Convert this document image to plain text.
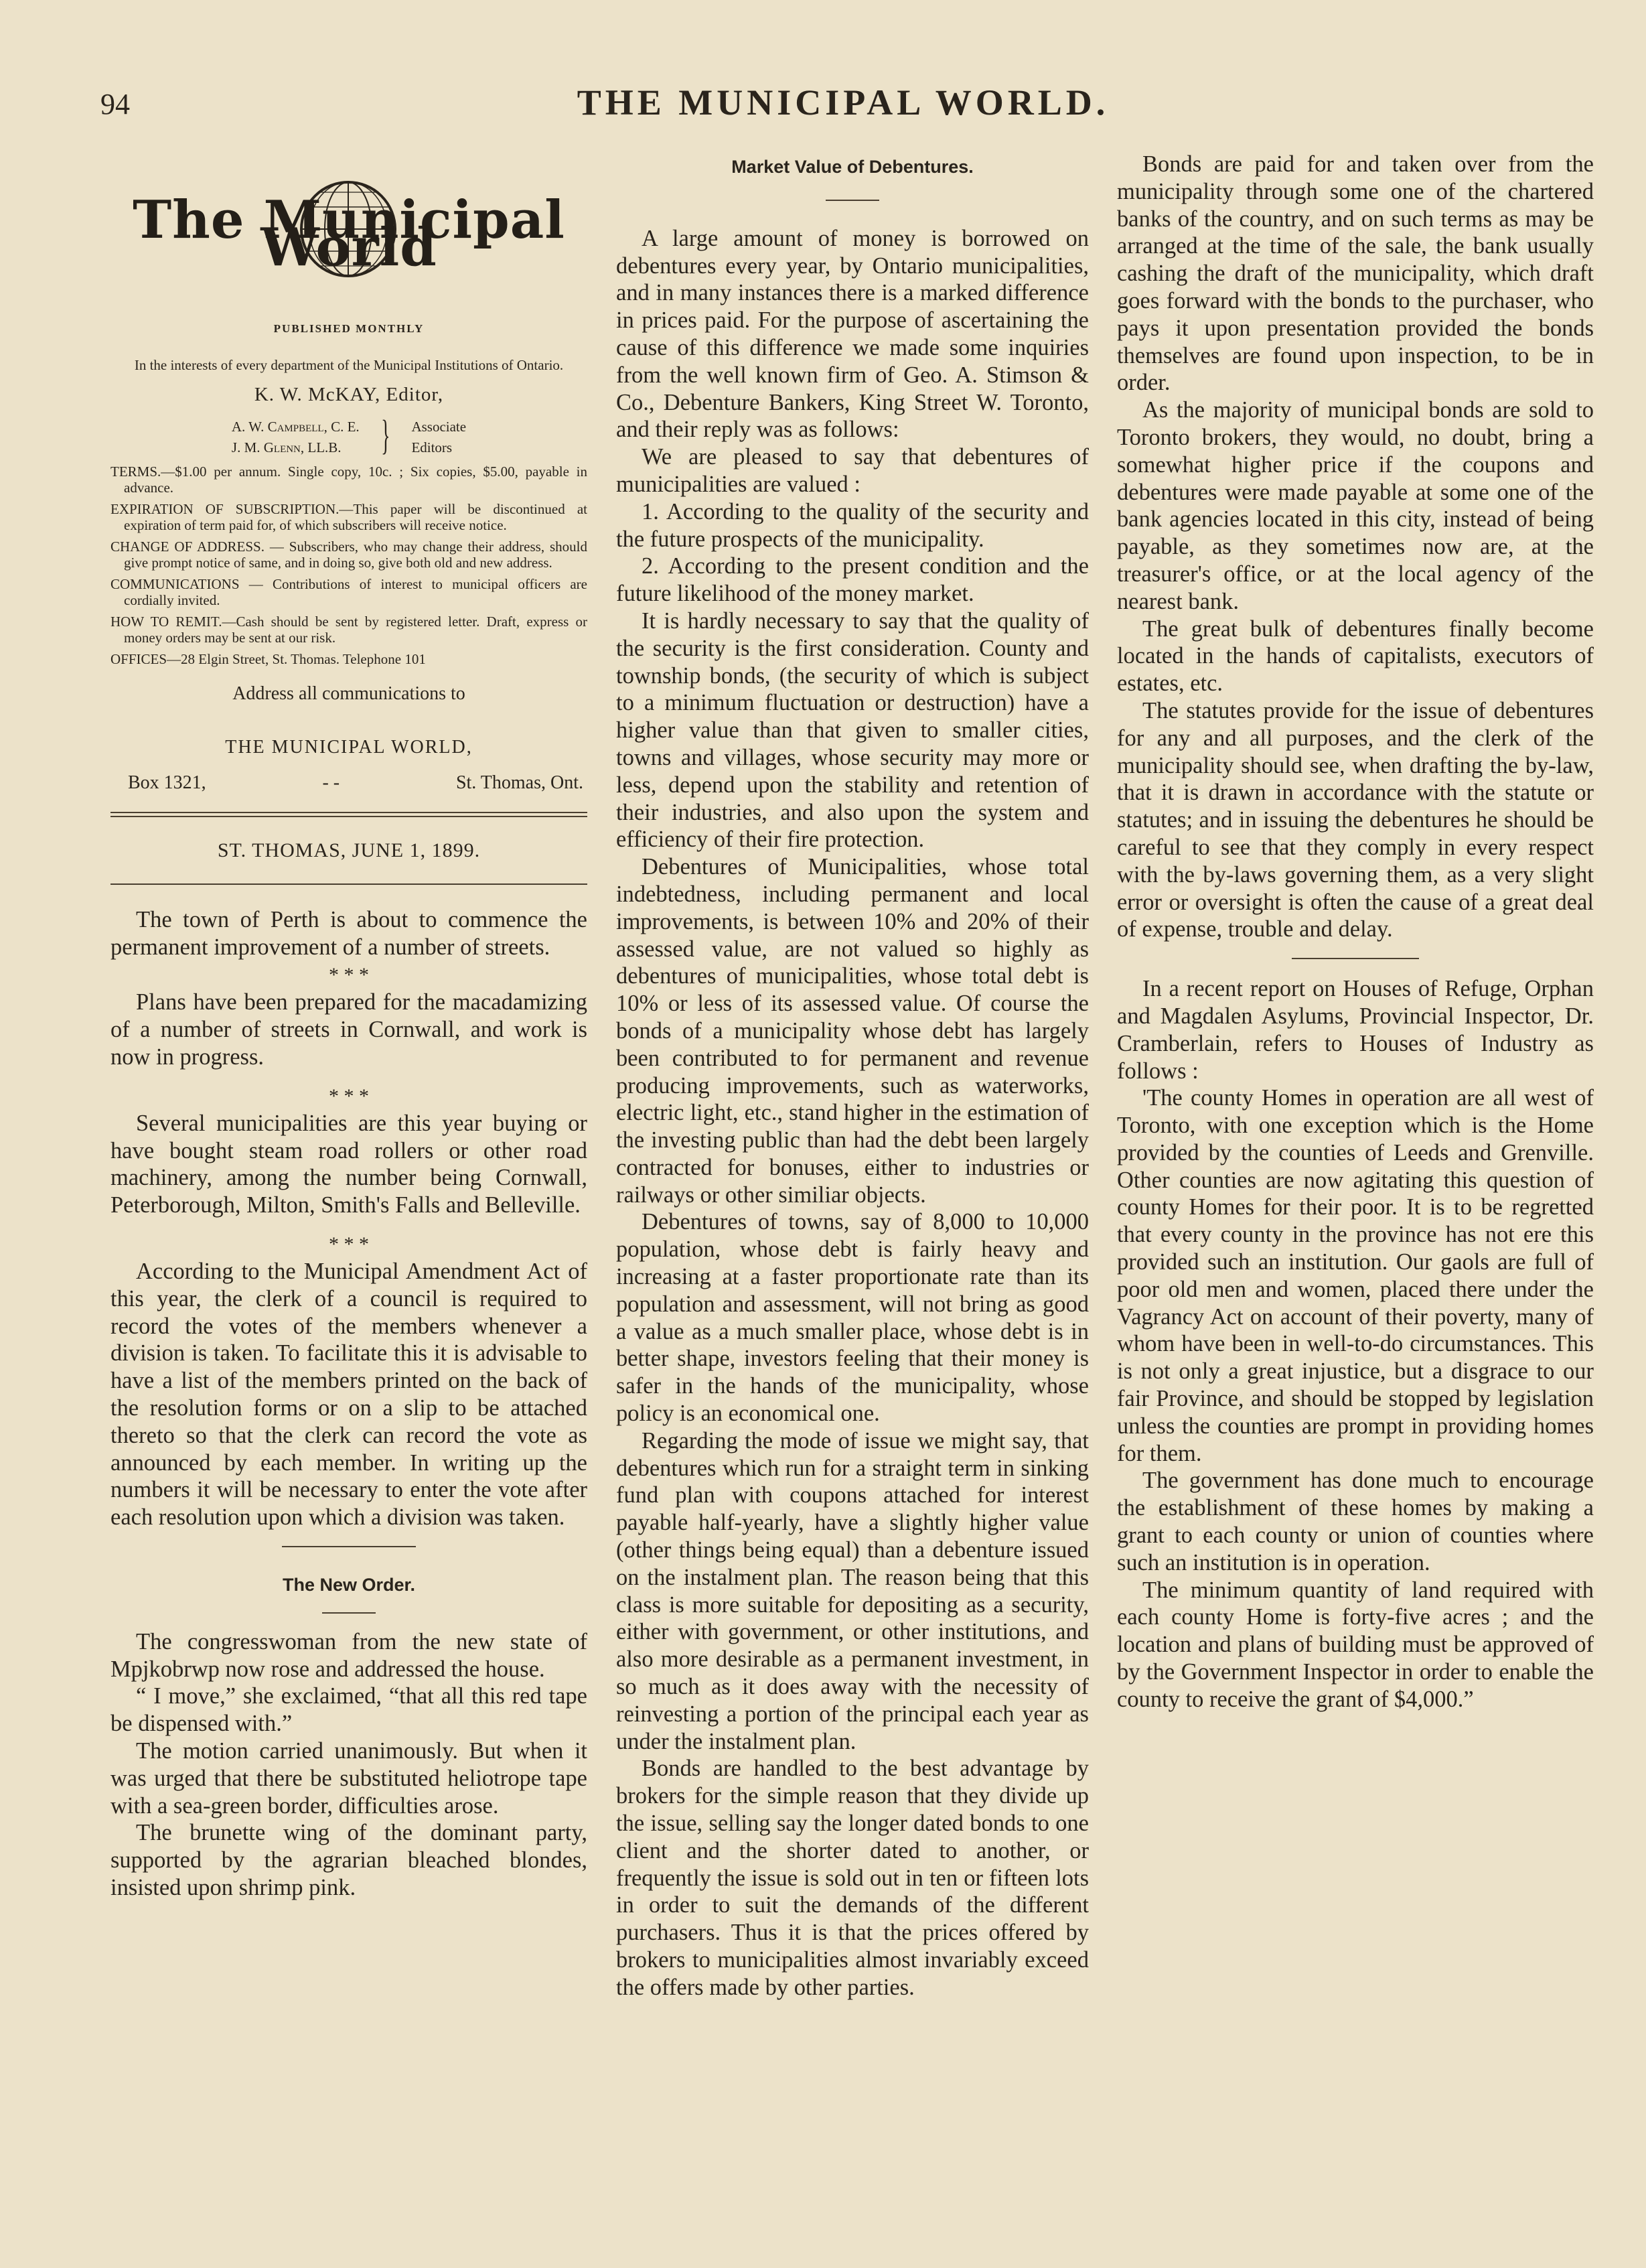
94	THE MUNICIPAL WORLD.
The Municipal World
PUBLISHED MONTHLY
In the interests of every department of the Municipal Institutions of Ontario.
K. W. McKAY, Editor,
A. W. Campbell, C. E.
J. M. Glenn, LL.B. } Associate
Editors
TERMS.—$1.00 per annum. Single copy, 10c. ; Six copies, $5.00, payable in advance.
EXPIRATION OF SUBSCRIPTION.—This paper will be discontinued at expiration of term paid for, of which subscribers will receive notice.
CHANGE OF ADDRESS. — Subscribers, who may change their address, should give prompt notice of same, and in doing so, give both old and new address.
COMMUNICATIONS — Contributions of interest to municipal officers are cordially invited.
HOW TO REMIT.—Cash should be sent by registered letter. Draft, express or money orders may be sent at our risk.
OFFICES—28 Elgin Street, St. Thomas. Telephone 101
Address all communications to
THE MUNICIPAL WORLD,
Box 1321,	- -	St. Thomas, Ont.
ST. THOMAS, JUNE 1, 1899.

The town of Perth is about to commence the permanent improvement of a number of streets.

* * *

Plans have been prepared for the macadamizing of a number of streets in Cornwall, and work is now in progress.

* * *

Several municipalities are this year buying or have bought steam road rollers or other road machinery, among the number being Cornwall, Peterborough, Milton, Smith's Falls and Belleville.

* * *

According to the Municipal Amendment Act of this year, the clerk of a council is required to record the votes of the members whenever a division is taken. To facilitate this it is advisable to have a list of the members printed on the back of the resolution forms or on a slip to be attached thereto so that the clerk can record the vote as announced by each member. In writing up the numbers it will be necessary to enter the vote after each resolution upon which a division was taken.

The New Order.

The congresswoman from the new state of Mpjkobrwp now rose and addressed the house.

“ I move,” she exclaimed, “that all this red tape be dispensed with.”

The motion carried unanimously. But when it was urged that there be substituted heliotrope tape with a sea-green border, difficulties arose.

The brunette wing of the dominant party, supported by the agrarian bleached blondes, insisted upon shrimp pink.

Market Value of Debentures.

A large amount of money is borrowed on debentures every year, by Ontario municipalities, and in many instances there is a marked difference in prices paid. For the purpose of ascertaining the cause of this difference we made some inquiries from the well known firm of Geo. A. Stimson & Co., Debenture Bankers, King Street W. Toronto, and their reply was as follows:

We are pleased to say that debentures of municipalities are valued :

1. According to the quality of the security and the future prospects of the municipality.

2. According to the present condition and the future likelihood of the money market.

It is hardly necessary to say that the quality of the security is the first consideration. County and township bonds, (the security of which is subject to a minimum fluctuation or destruction) have a higher value than that given to smaller cities, towns and villages, whose security may more or less, depend upon the stability and retention of their industries, and also upon the system and efficiency of their fire protection.

Debentures of Municipalities, whose total indebtedness, including permanent and local improvements, is between 10% and 20% of their assessed value, are not valued so highly as debentures of municipalities, whose total debt is 10% or less of its assessed value. Of course the bonds of a municipality whose debt has largely been contributed to for permanent and revenue producing improvements, such as waterworks, electric light, etc., stand higher in the estimation of the investing public than had the debt been largely contracted for bonuses, either to industries or railways or other similiar objects.

Debentures of towns, say of 8,000 to 10,000 population, whose debt is fairly heavy and increasing at a faster proportionate rate than its population and assessment, will not bring as good a value as a much smaller place, whose debt is in better shape, investors feeling that their money is safer in the hands of the municipality, whose policy is an economical one.

Regarding the mode of issue we might say, that debentures which run for a straight term in sinking fund plan with coupons attached for interest payable half-yearly, have a slightly higher value (other things being equal) than a debenture issued on the instalment plan. The reason being that this class is more suitable for depositing as a security, either with government, or other institutions, and also more desirable as a permanent investment, in so much as it does away with the necessity of reinvesting a portion of the principal each year as under the instalment plan.

Bonds are handled to the best advantage by brokers for the simple reason that they divide up the issue, selling say the longer dated bonds to one client and the shorter dated to another, or frequently the issue is sold out in ten or fifteen lots in order to suit the demands of the different purchasers. Thus it is that the prices offered by brokers to municipalities almost invariably exceed the offers made by other parties.

Bonds are paid for and taken over from the municipality through some one of the chartered banks of the country, and on such terms as may be arranged at the time of the sale, the bank usually cashing the draft of the municipality, which draft goes forward with the bonds to the purchaser, who pays it upon presentation provided the bonds themselves are found upon inspection, to be in order.

As the majority of municipal bonds are sold to Toronto brokers, they would, no doubt, bring a somewhat higher price if the coupons and debentures were made payable at some one of the bank agencies located in this city, instead of being payable, as they sometimes now are, at the treasurer's office, or at the local agency of the nearest bank.

The great bulk of debentures finally become located in the hands of capitalists, executors of estates, etc.

The statutes provide for the issue of debentures for any and all purposes, and the clerk of the municipality should see, when drafting the by-law, that it is drawn in accordance with the statute or statutes; and in issuing the debentures he should be careful to see that they comply in every respect with the by-laws governing them, as a very slight error or oversight is often the cause of a great deal of expense, trouble and delay.

In a recent report on Houses of Refuge, Orphan and Magdalen Asylums, Provincial Inspector, Dr. Cramberlain, refers to Houses of Industry as follows :

'The county Homes in operation are all west of Toronto, with one exception which is the Home provided by the counties of Leeds and Grenville. Other counties are now agitating this question of county Homes for their poor. It is to be regretted that every county in the province has not ere this provided such an institution. Our gaols are full of poor old men and women, placed there under the Vagrancy Act on account of their poverty, many of whom have been in well-to-do circumstances. This is not only a great injustice, but a disgrace to our fair Province, and should be stopped by legislation unless the counties are prompt in providing homes for them.

The government has done much to encourage the establishment of these homes by making a grant to each county or union of counties where such an institution is in operation.

The minimum quantity of land required with each county Home is forty-five acres ; and the location and plans of building must be approved of by the Government Inspector in order to enable the county to receive the grant of $4,000.”
